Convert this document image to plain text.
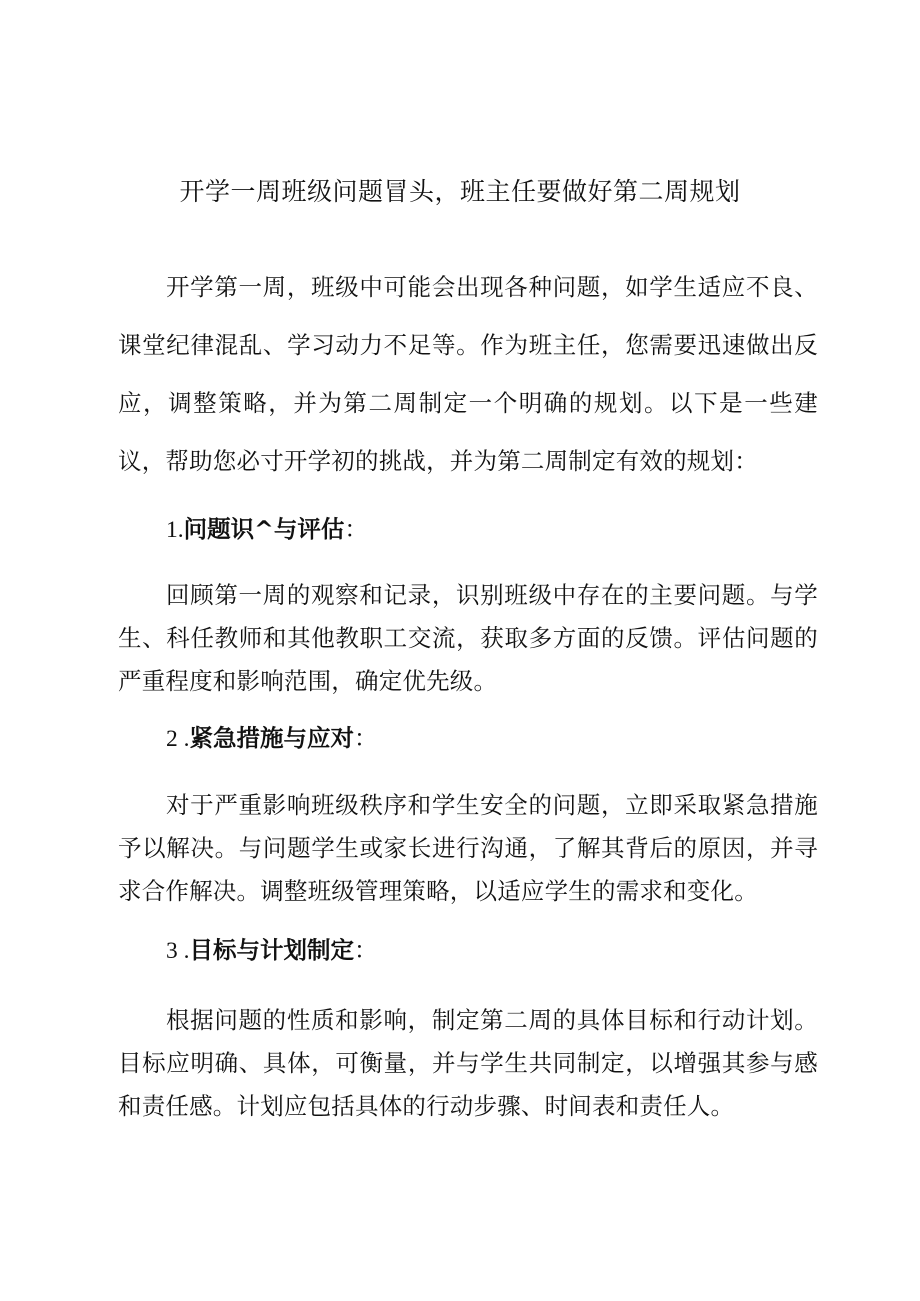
开学一周班级问题冒头，班主任要做好第二周规划

开学第一周，班级中可能会出现各种问题，如学生适应不良、课堂纪律混乱、学习动力不足等。作为班主任，您需要迅速做出反应，调整策略，并为第二周制定一个明确的规划。以下是一些建议，帮助您必寸开学初的挑战，并为第二周制定有效的规划：

1.问题识^与评估：

回顾第一周的观察和记录，识别班级中存在的主要问题。与学生、科任教师和其他教职工交流，获取多方面的反馈。评估问题的严重程度和影响范围，确定优先级。

2 .紧急措施与应对：

对于严重影响班级秩序和学生安全的问题，立即采取紧急措施予以解决。与问题学生或家长进行沟通，了解其背后的原因，并寻求合作解决。调整班级管理策略，以适应学生的需求和变化。

3 .目标与计划制定：

根据问题的性质和影响，制定第二周的具体目标和行动计划。目标应明确、具体，可衡量，并与学生共同制定，以增强其参与感和责任感。计划应包括具体的行动步骤、时间表和责任人。
